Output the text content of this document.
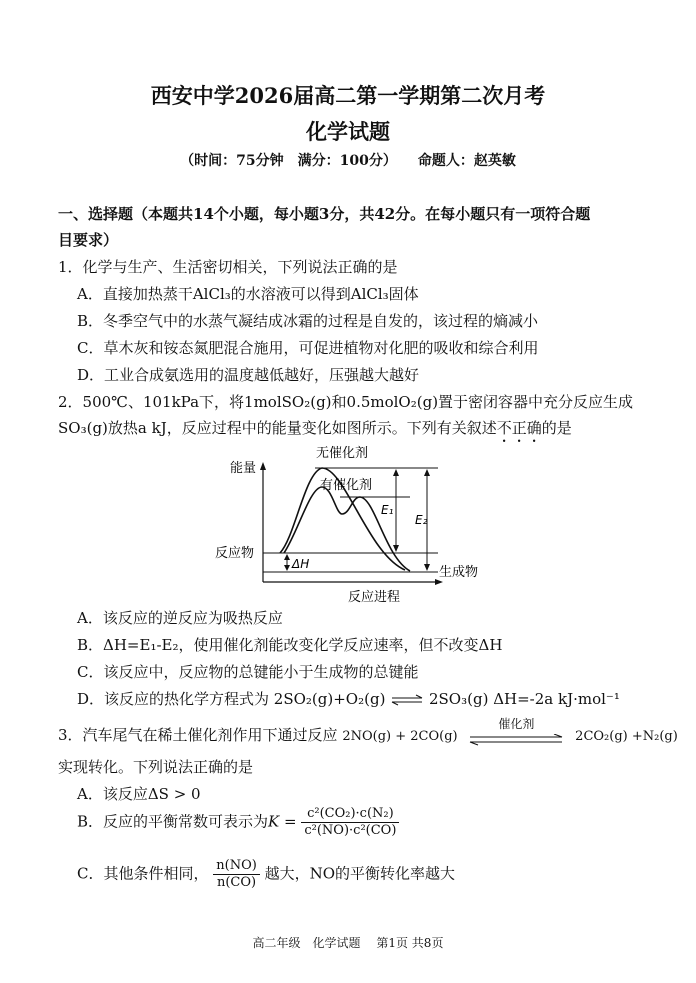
西安中学2026届高二第一学期第二次月考
化学试题
（时间：75分钟　满分：100分）　　命题人：赵英敏
一、选择题（本题共14个小题，每小题3分，共42分。在每小题只有一项符合题
目要求）
1．化学与生产、生活密切相关，下列说法正确的是
A．直接加热蒸干AlCl₃的水溶液可以得到AlCl₃固体
B．冬季空气中的水蒸气凝结成冰霜的过程是自发的，该过程的熵减小
C．草木灰和铵态氮肥混合施用，可促进植物对化肥的吸收和综合利用
D．工业合成氨选用的温度越低越好，压强越大越好
2．500℃、101kPa下，将1molSO₂(g)和0.5molO₂(g)置于密闭容器中充分反应生成
SO₃(g)放热a kJ，反应过程中的能量变化如图所示。下列有关叙述不正确的是
能量
反应进程
无催化剂
有催化剂
反应物
生成物
ΔH
E₁
E₂
A．该反应的逆反应为吸热反应
B．ΔH=E₁-E₂，使用催化剂能改变化学反应速率，但不改变ΔH
C．该反应中，反应物的总键能小于生成物的总键能
D．该反应的热化学方程式为 2SO₂(g)+O₂(g) ⇌ 2SO₃(g) ΔH=-2a kJ·mol⁻¹
3．汽车尾气在稀土催化剂作用下通过反应 2NO(g) + 2CO(g)
催化剂
2CO₂(g) +N₂(g)
实现转化。下列说法正确的是
A．该反应ΔS > 0
B．反应的平衡常数可表示为$K = \frac{\text{c²(CO₂)·c(N₂)}}{\text{c²(NO)·c²(CO)}}$
C．其他条件相同， $\frac{n(NO)}{n(CO)}$ 越大，NO的平衡转化率越大
高二年级　化学试题　 第1页 共8页
